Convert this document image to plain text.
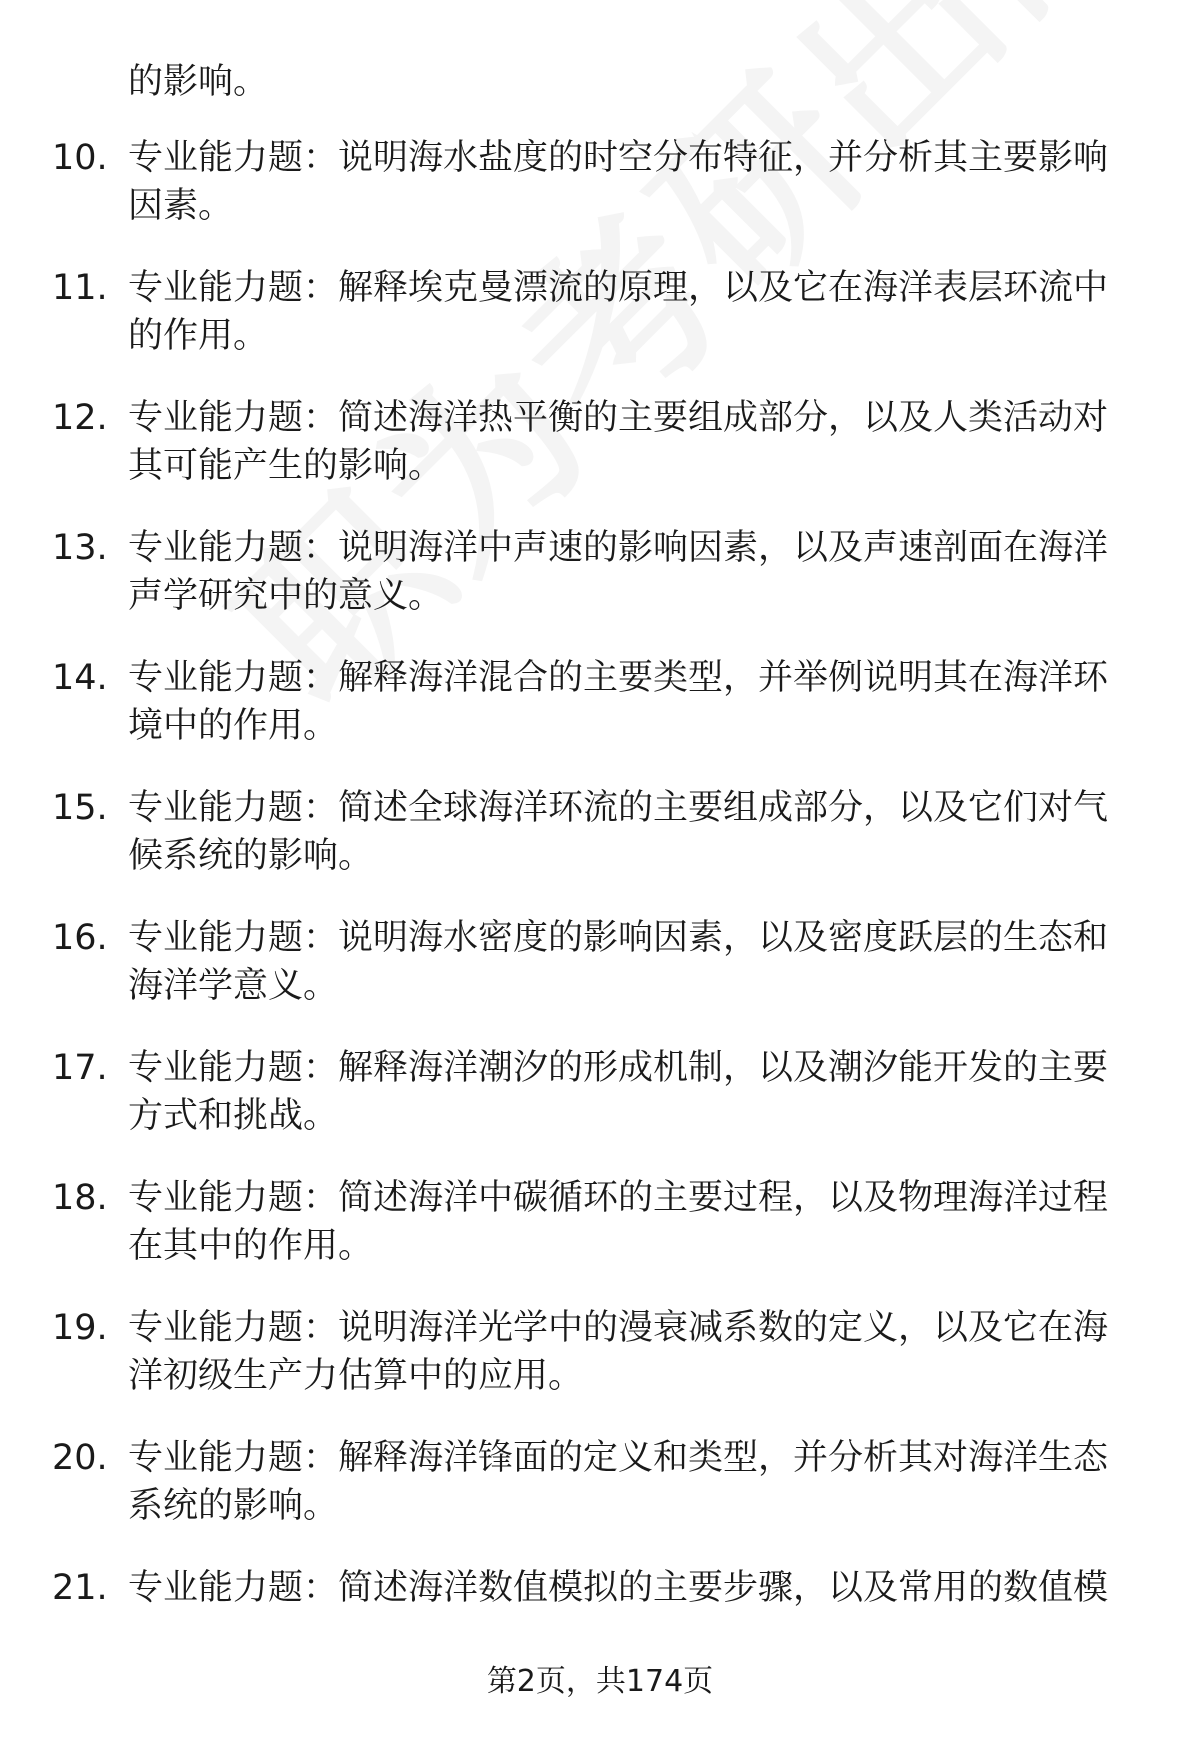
的影响。
10. 专业能力题：说明海水盐度的时空分布特征，并分析其主要影响
因素。
11. 专业能力题：解释埃克曼漂流的原理，以及它在海洋表层环流中
的作用。
12. 专业能力题：简述海洋热平衡的主要组成部分，以及人类活动对
其可能产生的影响。
13. 专业能力题：说明海洋中声速的影响因素，以及声速剖面在海洋
声学研究中的意义。
14. 专业能力题：解释海洋混合的主要类型，并举例说明其在海洋环
境中的作用。
15. 专业能力题：简述全球海洋环流的主要组成部分，以及它们对气
候系统的影响。
16. 专业能力题：说明海水密度的影响因素，以及密度跃层的生态和
海洋学意义。
17. 专业能力题：解释海洋潮汐的形成机制，以及潮汐能开发的主要
方式和挑战。
18. 专业能力题：简述海洋中碳循环的主要过程，以及物理海洋过程
在其中的作用。
19. 专业能力题：说明海洋光学中的漫衰减系数的定义，以及它在海
洋初级生产力估算中的应用。
20. 专业能力题：解释海洋锋面的定义和类型，并分析其对海洋生态
系统的影响。
21. 专业能力题：简述海洋数值模拟的主要步骤，以及常用的数值模
第2页，共174页
